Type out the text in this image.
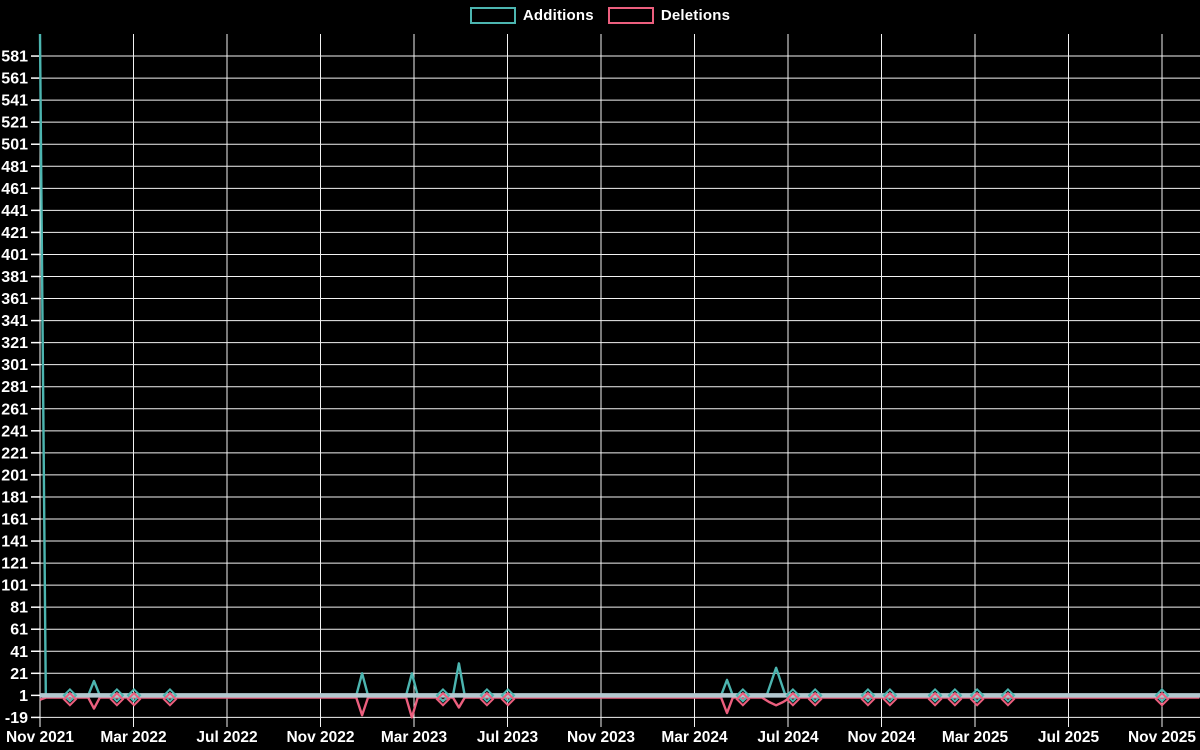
Additions	Deletions
-19
1
21
41
61
81
101
121
141
161
181
201
221
241
261
281
301
321
341
361
381
401
421
441
461
481
501
521
541
561
581
Nov 2021 Mar 2022 Jul 2022 Nov 2022 Mar 2023 Jul 2023 Nov 2023 Mar 2024 Jul 2024 Nov 2024 Mar 2025 Jul 2025 Nov 2025
